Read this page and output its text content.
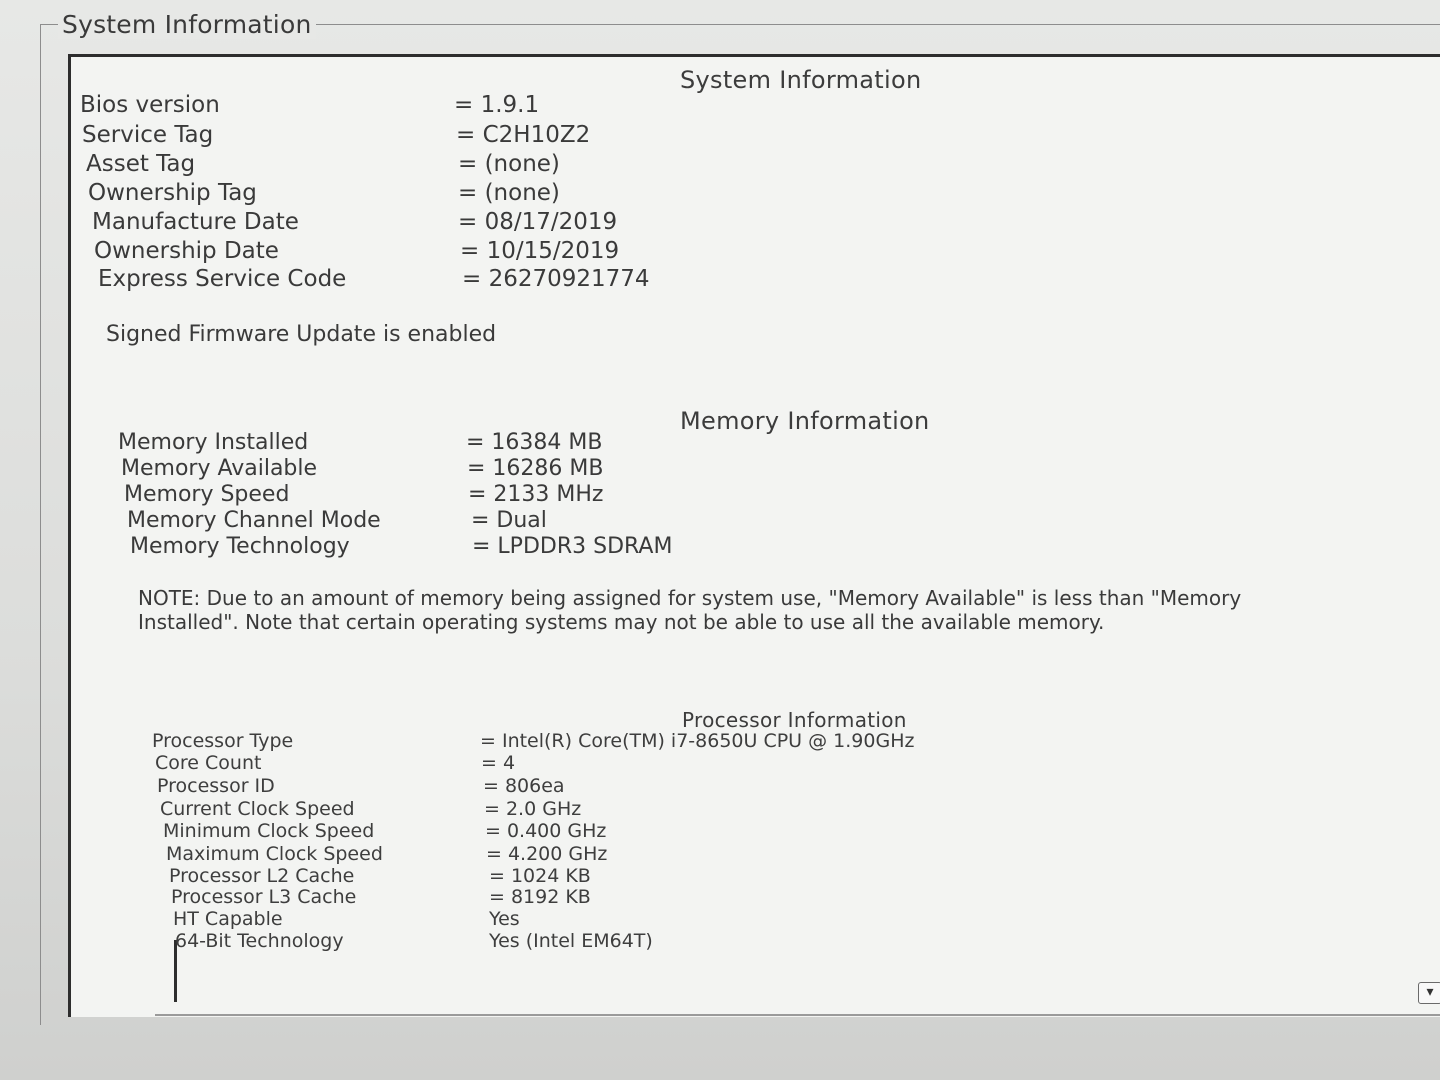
System Information
System Information
Bios version	= 1.9.1
Service Tag	= C2H10Z2
Asset Tag	= (none)
Ownership Tag	= (none)
Manufacture Date	= 08/17/2019
Ownership Date	= 10/15/2019
Express Service Code	= 26270921774
Signed Firmware Update is enabled
Memory Information
Memory Installed	= 16384 MB
Memory Available	= 16286 MB
Memory Speed	= 2133 MHz
Memory Channel Mode	= Dual
Memory Technology	= LPDDR3 SDRAM
NOTE: Due to an amount of memory being assigned for system use, "Memory Available" is less than "Memory Installed". Note that certain operating systems may not be able to use all the available memory.
Processor Information
Processor Type	= Intel(R) Core(TM) i7-8650U CPU @ 1.90GHz
Core Count	= 4
Processor ID	= 806ea
Current Clock Speed	= 2.0 GHz
Minimum Clock Speed	= 0.400 GHz
Maximum Clock Speed	= 4.200 GHz
Processor L2 Cache	= 1024 KB
Processor L3 Cache	= 8192 KB
HT Capable	Yes
64-Bit Technology	Yes (Intel EM64T)
▾
